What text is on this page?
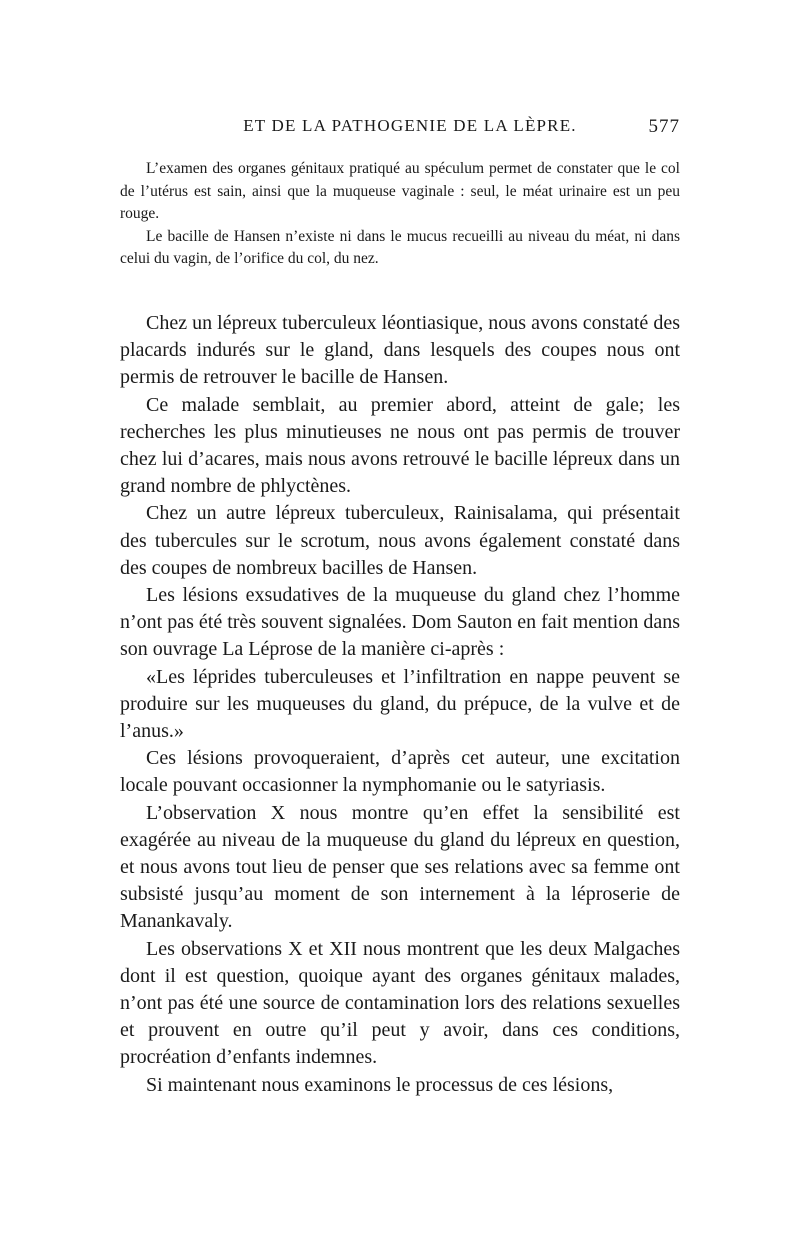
ET DE LA PATHOGENIE DE LA LÈPRE.	577

L’examen des organes génitaux pratiqué au spéculum permet de constater que le col de l’utérus est sain, ainsi que la muqueuse vaginale : seul, le méat urinaire est un peu rouge.

Le bacille de Hansen n’existe ni dans le mucus recueilli au niveau du méat, ni dans celui du vagin, de l’orifice du col, du nez.

Chez un lépreux tuberculeux léontiasique, nous avons constaté des placards indurés sur le gland, dans lesquels des coupes nous ont permis de retrouver le bacille de Hansen.

Ce malade semblait, au premier abord, atteint de gale; les recherches les plus minutieuses ne nous ont pas permis de trouver chez lui d’acares, mais nous avons retrouvé le bacille lépreux dans un grand nombre de phlyctènes.

Chez un autre lépreux tuberculeux, Rainisalama, qui présentait des tubercules sur le scrotum, nous avons également constaté dans des coupes de nombreux bacilles de Hansen.

Les lésions exsudatives de la muqueuse du gland chez l’homme n’ont pas été très souvent signalées. Dom Sauton en fait mention dans son ouvrage La Léprose de la manière ci-après :

«Les léprides tuberculeuses et l’infiltration en nappe peuvent se produire sur les muqueuses du gland, du prépuce, de la vulve et de l’anus.»

Ces lésions provoqueraient, d’après cet auteur, une excitation locale pouvant occasionner la nymphomanie ou le satyriasis.

L’observation X nous montre qu’en effet la sensibilité est exagérée au niveau de la muqueuse du gland du lépreux en question, et nous avons tout lieu de penser que ses relations avec sa femme ont subsisté jusqu’au moment de son internement à la léproserie de Manankavaly.

Les observations X et XII nous montrent que les deux Malgaches dont il est question, quoique ayant des organes génitaux malades, n’ont pas été une source de contamination lors des relations sexuelles et prouvent en outre qu’il peut y avoir, dans ces conditions, procréation d’enfants indemnes.

Si maintenant nous examinons le processus de ces lésions,
